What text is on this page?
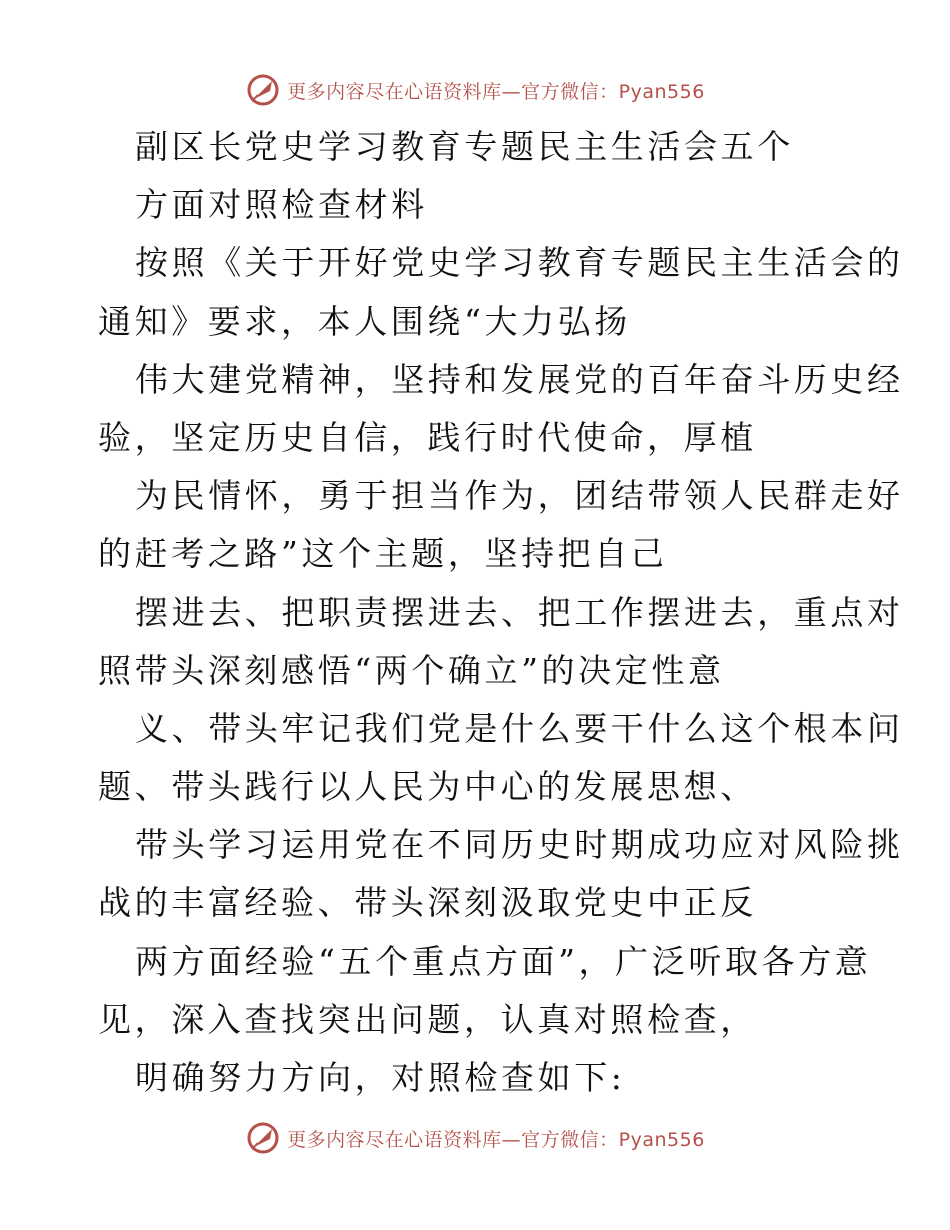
更多内容尽在心语资料库—官方微信：Pyan556
副区长党史学习教育专题民主生活会五个
方面对照检查材料
按照《关于开好党史学习教育专题民主生活会的
通知》要求，本人围绕“大力弘扬
伟大建党精神，坚持和发展党的百年奋斗历史经
验，坚定历史自信，践行时代使命，厚植
为民情怀，勇于担当作为，团结带领人民群走好
的赶考之路”这个主题，坚持把自己
摆进去、把职责摆进去、把工作摆进去，重点对
照带头深刻感悟“两个确立”的决定性意
义、带头牢记我们党是什么要干什么这个根本问
题、带头践行以人民为中心的发展思想、
带头学习运用党在不同历史时期成功应对风险挑
战的丰富经验、带头深刻汲取党史中正反
两方面经验“五个重点方面”，广泛听取各方意
见，深入查找突出问题，认真对照检查，
明确努力方向，对照检查如下:
更多内容尽在心语资料库—官方微信：Pyan556
